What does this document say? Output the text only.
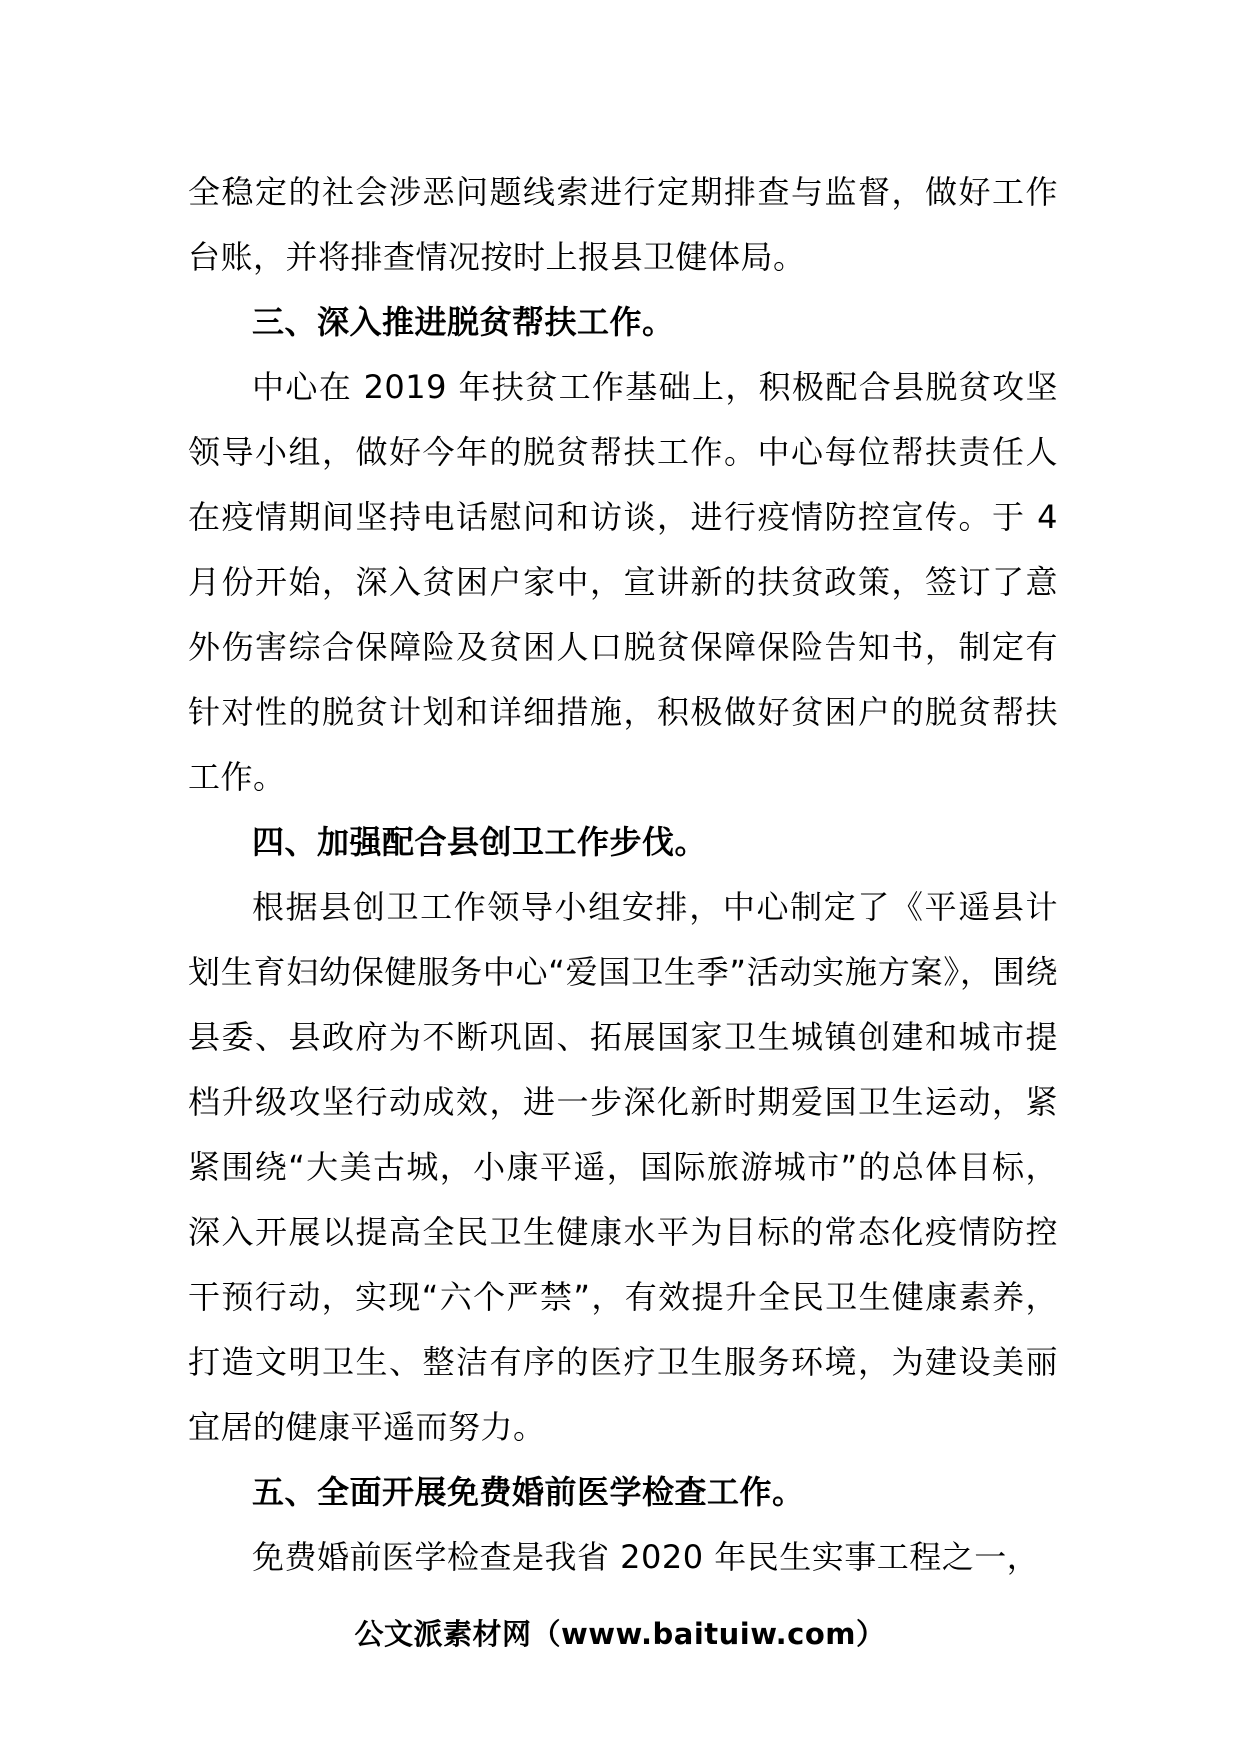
全稳定的社会涉恶问题线索进行定期排查与监督，做好工作台账，并将排查情况按时上报县卫健体局。

三、深入推进脱贫帮扶工作。

中心在 2019 年扶贫工作基础上，积极配合县脱贫攻坚领导小组，做好今年的脱贫帮扶工作。中心每位帮扶责任人在疫情期间坚持电话慰问和访谈，进行疫情防控宣传。于 4 月份开始，深入贫困户家中，宣讲新的扶贫政策，签订了意外伤害综合保障险及贫困人口脱贫保障保险告知书，制定有针对性的脱贫计划和详细措施，积极做好贫困户的脱贫帮扶工作。

四、加强配合县创卫工作步伐。

根据县创卫工作领导小组安排，中心制定了《平遥县计划生育妇幼保健服务中心“爱国卫生季”活动实施方案》，围绕县委、县政府为不断巩固、拓展国家卫生城镇创建和城市提档升级攻坚行动成效，进一步深化新时期爱国卫生运动，紧紧围绕“大美古城，小康平遥，国际旅游城市”的总体目标，深入开展以提高全民卫生健康水平为目标的常态化疫情防控干预行动，实现“六个严禁”，有效提升全民卫生健康素养，打造文明卫生、整洁有序的医疗卫生服务环境，为建设美丽宜居的健康平遥而努力。

五、全面开展免费婚前医学检查工作。

免费婚前医学检查是我省 2020 年民生实事工程之一，

公文派素材网（www.baituiw.com）
